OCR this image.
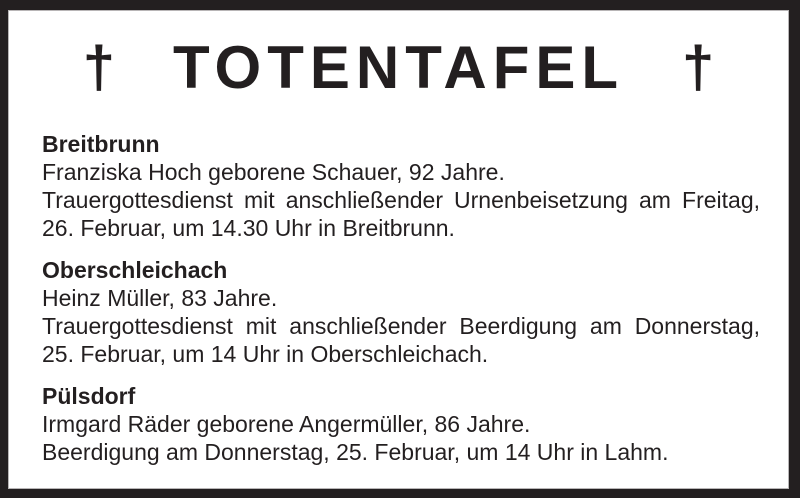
† TOTENTAFEL †
Breitbrunn

Franziska Hoch geborene Schauer, 92 Jahre.

Trauergottesdienst mit anschließender Urnenbeisetzung am Freitag, 26. Februar, um 14.30 Uhr in Breitbrunn.

Oberschleichach

Heinz Müller, 83 Jahre.

Trauergottesdienst mit anschließender Beerdigung am Donnerstag, 25. Februar, um 14 Uhr in Oberschleichach.

Pülsdorf

Irmgard Räder geborene Angermüller, 86 Jahre.

Beerdigung am Donnerstag, 25. Februar, um 14 Uhr in Lahm.
